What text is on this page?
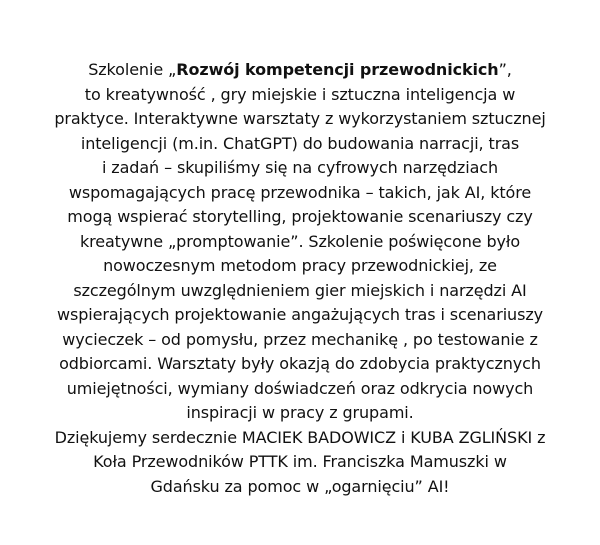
Szkolenie „Rozwój kompetencji przewodnickich”,
to kreatywność , gry miejskie i sztuczna inteligencja w
praktyce. Interaktywne warsztaty z wykorzystaniem sztucznej
inteligencji (m.in. ChatGPT) do budowania narracji, tras
i zadań – skupiliśmy się na cyfrowych narzędziach
wspomagających pracę przewodnika – takich, jak AI, które
mogą wspierać storytelling, projektowanie scenariuszy czy
kreatywne „promptowanie”. Szkolenie poświęcone było
nowoczesnym metodom pracy przewodnickiej, ze
szczególnym uwzględnieniem gier miejskich i narzędzi AI
wspierających projektowanie angażujących tras i scenariuszy
wycieczek – od pomysłu, przez mechanikę , po testowanie z
odbiorcami. Warsztaty były okazją do zdobycia praktycznych
umiejętności, wymiany doświadczeń oraz odkrycia nowych
inspiracji w pracy z grupami.
Dziękujemy serdecznie MACIEK BADOWICZ i KUBA ZGLIŃSKI z
Koła Przewodników PTTK im. Franciszka Mamuszki w
Gdańsku za pomoc w „ogarnięciu” AI!
